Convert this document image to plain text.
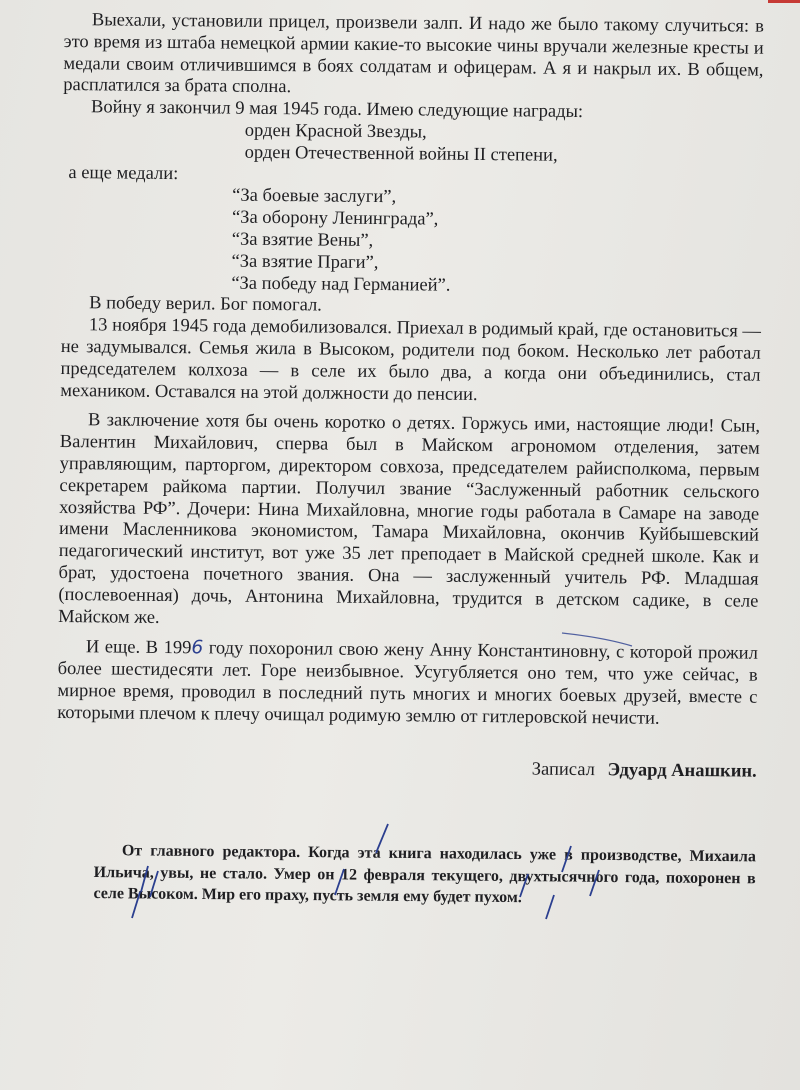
Выехали, установили прицел, произвели залп. И надо же было такому случиться: в это время из штаба немецкой армии какие-то высокие чины вручали железные кресты и медали своим отличившимся в боях солдатам и офицерам. А я и накрыл их. В общем, расплатился за брата сполна.

Войну я закончил 9 мая 1945 года. Имею следующие награды:

орден Красной Звезды,
орден Отечественной войны II степени,

а еще медали:

“За боевые заслуги”,
“За оборону Ленинграда”,
“За взятие Вены”,
“За взятие Праги”,
“За победу над Германией”.

В победу верил. Бог помогал.

13 ноября 1945 года демобилизовался. Приехал в родимый край, где остановиться — не задумывался. Семья жила в Высоком, родители под боком. Несколько лет работал председателем колхоза — в селе их было два, а когда они объединились, стал механиком. Оставался на этой должности до пенсии.

В заключение хотя бы очень коротко о детях. Горжусь ими, настоящие люди! Сын, Валентин Михайлович, сперва был в Майском агрономом отделения, затем управляющим, парторгом, директором совхоза, председателем райисполкома, первым секретарем райкома партии. Получил звание “Заслуженный работник сельского хозяйства РФ”. Дочери: Нина Михайловна, многие годы работала в Самаре на заводе имени Масленникова экономистом, Тамара Михайловна, окончив Куйбышевский педагогический институт, вот уже 35 лет преподает в Майской средней школе. Как и брат, удостоена почетного звания. Она — заслуженный учитель РФ. Младшая (послевоенная) дочь, Антонина Михайловна, трудится в детском садике, в селе Майском же.

И еще. В 1996 году похоронил свою жену Анну Константиновну, с которой прожил более шестидесяти лет. Горе неизбывное. Усугубляется оно тем, что уже сейчас, в мирное время, проводил в последний путь многих и многих боевых друзей, вместе с которыми плечом к плечу очищал родимую землю от гитлеровской нечисти.

Записал Эдуард Анашкин.

От главного редактора. Когда эта книга находилась уже в производстве, Михаила Ильича, увы, не стало. Умер он 12 февраля текущего, двухтысячного года, похоронен в селе Высоком. Мир его праху, пусть земля ему будет пухом.
